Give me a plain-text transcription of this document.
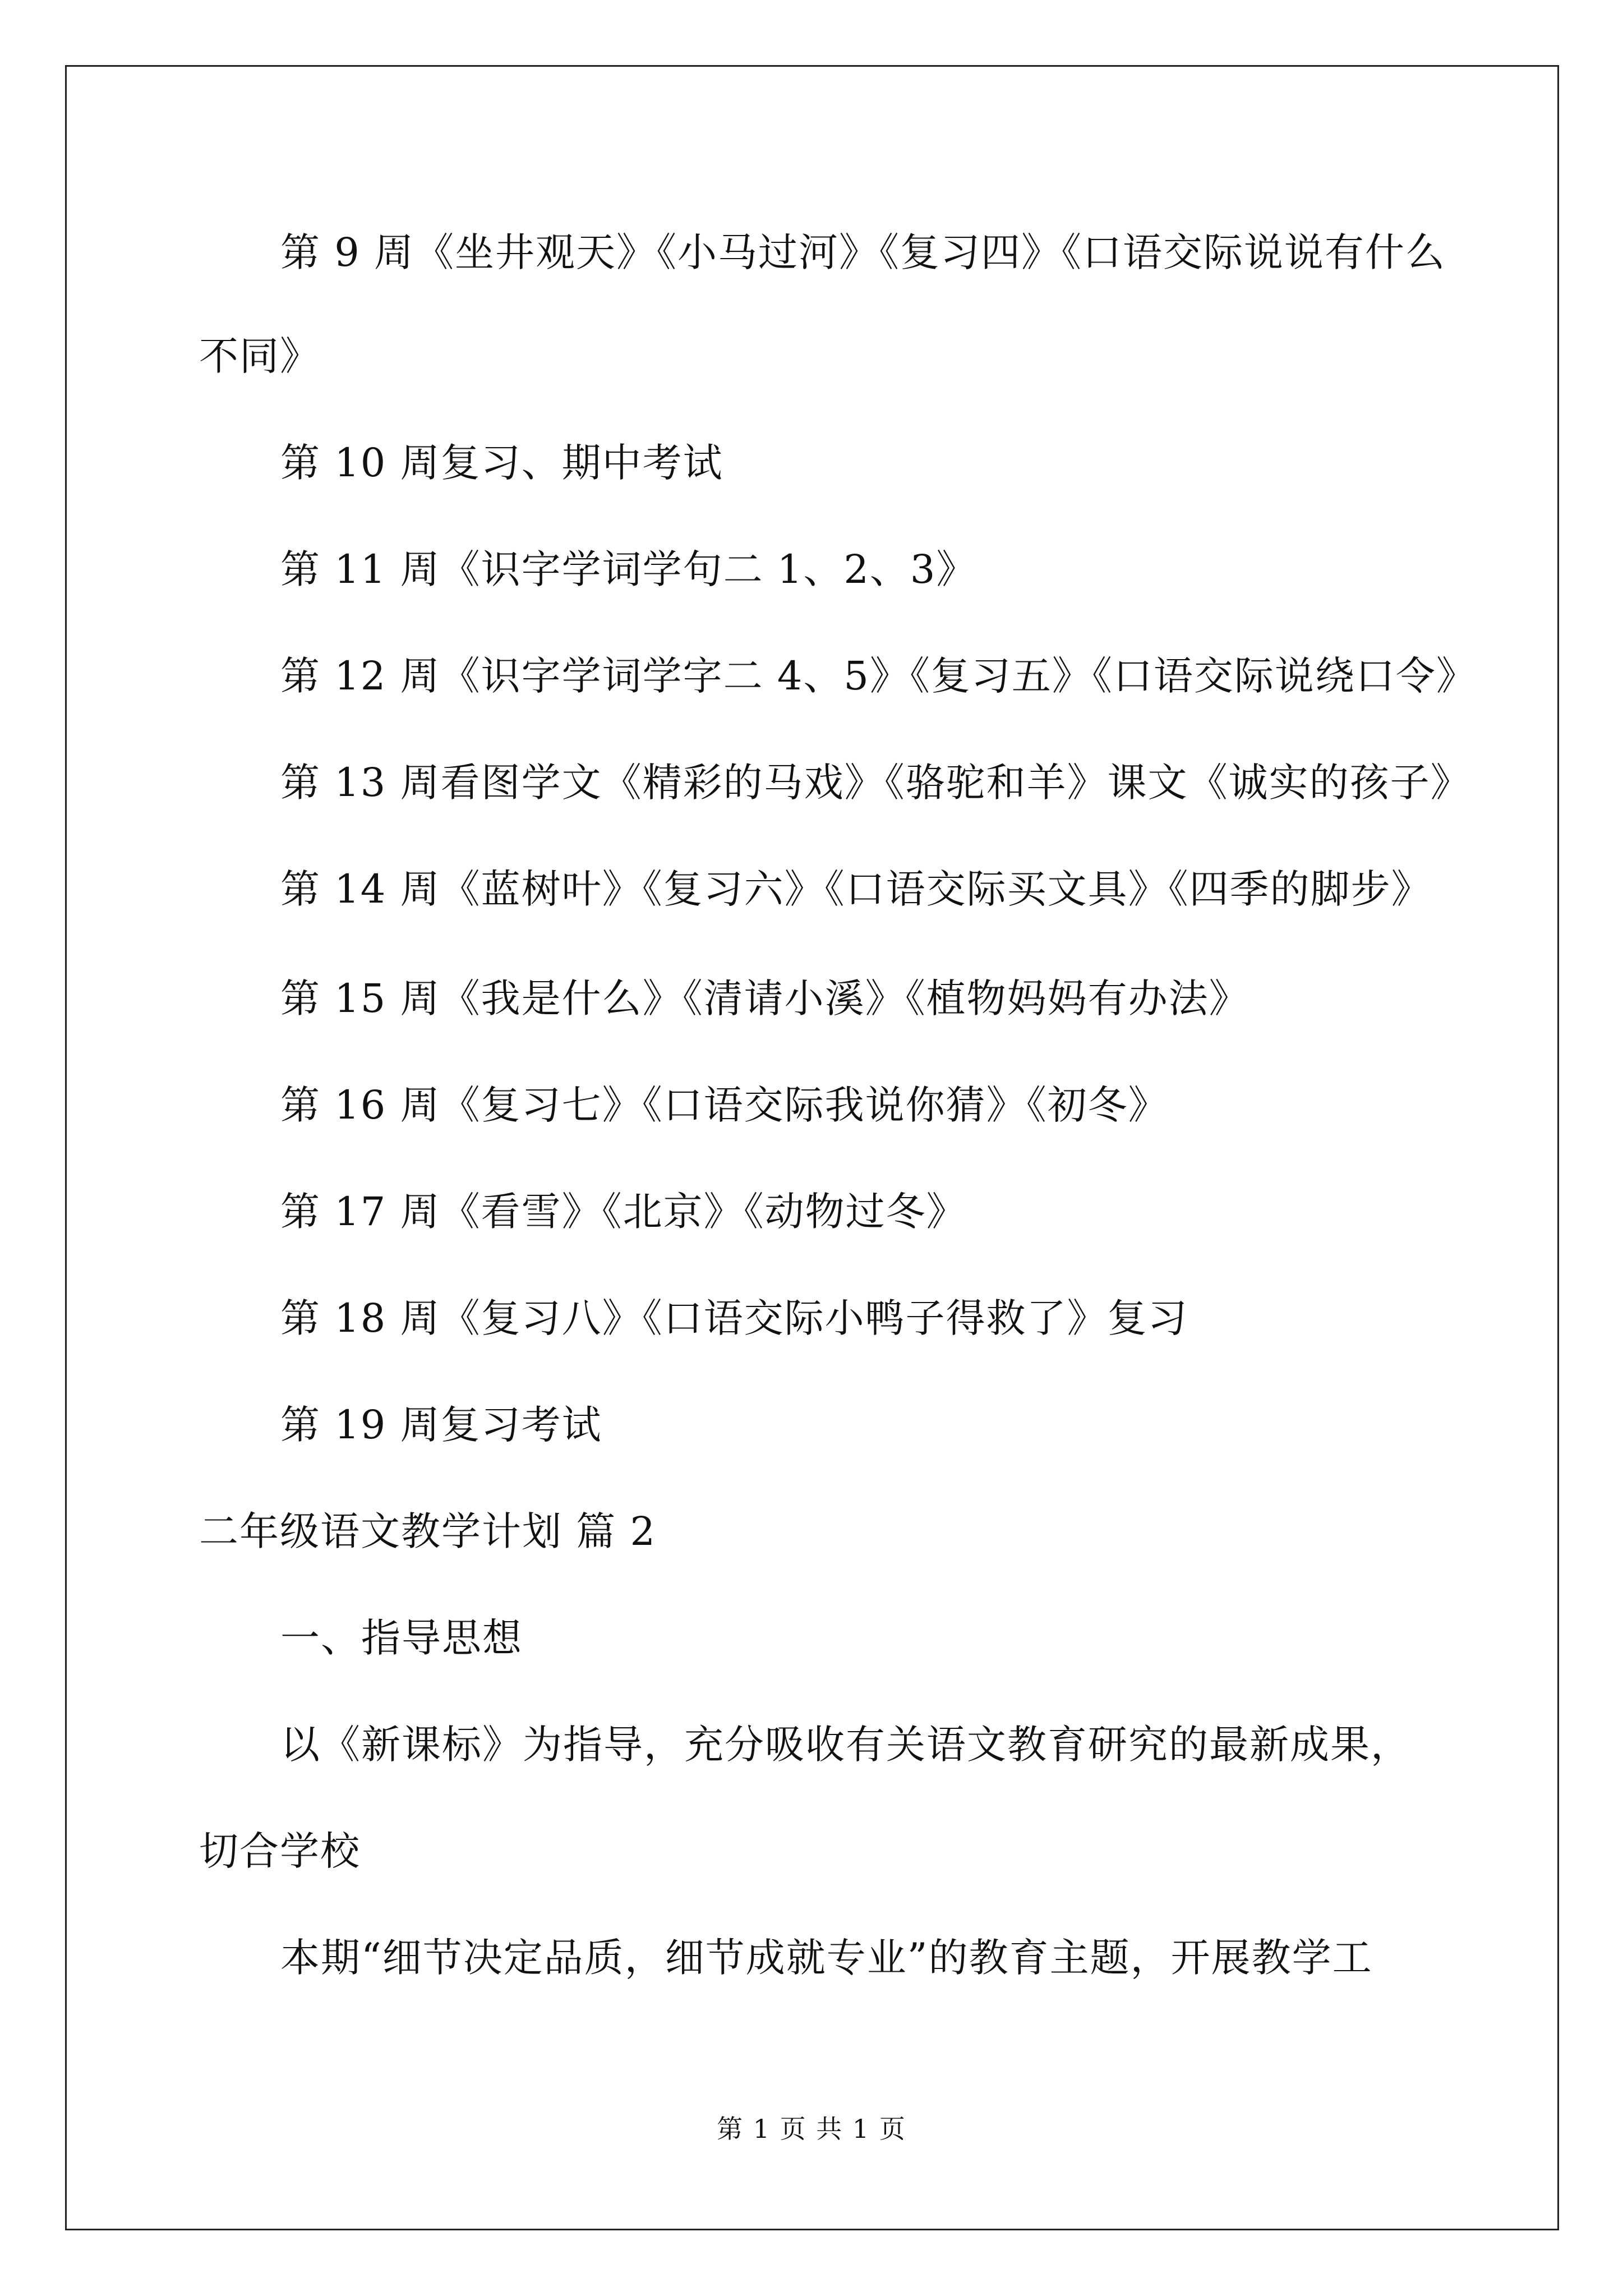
第 9 周《坐井观天》《小马过河》《复习四》《口语交际说说有什么
不同》
第 10 周复习、期中考试
第 11 周《识字学词学句二 1、2、3》
第 12 周《识字学词学字二 4、5》《复习五》《口语交际说绕口令》
第 13 周看图学文《精彩的马戏》《骆驼和羊》课文《诚实的孩子》
第 14 周《蓝树叶》《复习六》《口语交际买文具》《四季的脚步》
第 15 周《我是什么》《清请小溪》《植物妈妈有办法》
第 16 周《复习七》《口语交际我说你猜》《初冬》
第 17 周《看雪》《北京》《动物过冬》
第 18 周《复习八》《口语交际小鸭子得救了》复习
第 19 周复习考试
二年级语文教学计划 篇 2
一、指导思想
以《新课标》为指导，充分吸收有关语文教育研究的最新成果，
切合学校
本期“细节决定品质，细节成就专业”的教育主题，开展教学工
第 1 页 共 1 页
